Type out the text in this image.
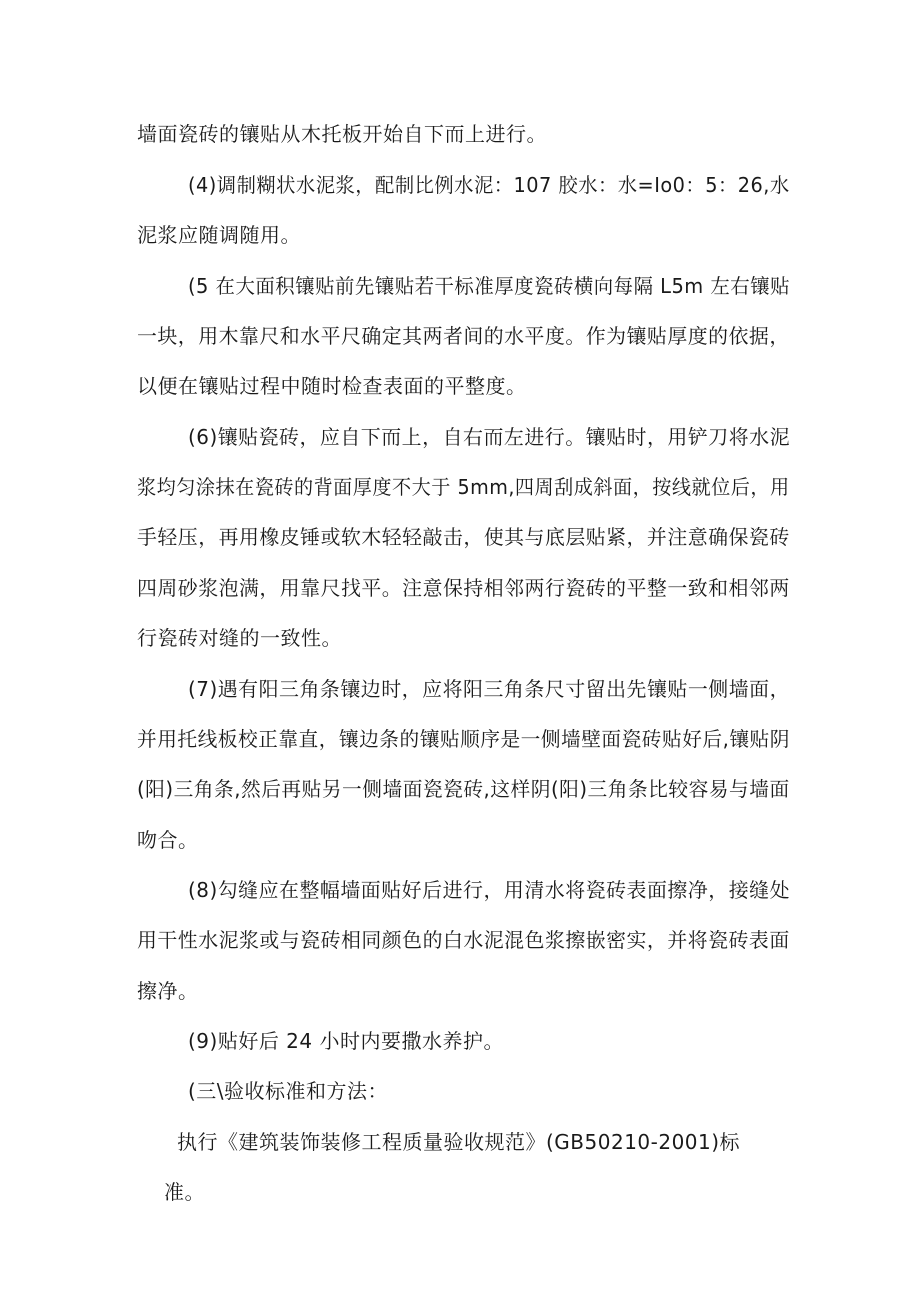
墙面瓷砖的镶贴从木托板开始自下而上进行。
(4)调制糊状水泥浆，配制比例水泥：107 胶水：水=Io0：5：26,水
泥浆应随调随用。
(5 在大面积镶贴前先镶贴若干标准厚度瓷砖横向每隔 L5m 左右镶贴
一块，用木靠尺和水平尺确定其两者间的水平度。作为镶贴厚度的依据，
以便在镶贴过程中随时检查表面的平整度。
(6)镶贴瓷砖，应自下而上，自右而左进行。镶贴时，用铲刀将水泥
浆均匀涂抹在瓷砖的背面厚度不大于 5mm,四周刮成斜面，按线就位后，用
手轻压，再用橡皮锤或软木轻轻敲击，使其与底层贴紧，并注意确保瓷砖
四周砂浆泡满，用靠尺找平。注意保持相邻两行瓷砖的平整一致和相邻两
行瓷砖对缝的一致性。
(7)遇有阳三角条镶边时，应将阳三角条尺寸留出先镶贴一侧墙面，
并用托线板校正靠直，镶边条的镶贴顺序是一侧墙壁面瓷砖贴好后,镶贴阴
(阳)三角条,然后再贴另一侧墙面瓷瓷砖,这样阴(阳)三角条比较容易与墙面
吻合。
(8)勾缝应在整幅墙面贴好后进行，用清水将瓷砖表面擦净，接缝处
用干性水泥浆或与瓷砖相同颜色的白水泥混色浆擦嵌密实，并将瓷砖表面
擦净。
(9)贴好后 24 小时内要撒水养护。
(三\验收标准和方法：
执行《建筑装饰装修工程质量验收规范》(GB50210-2001)标
准。
